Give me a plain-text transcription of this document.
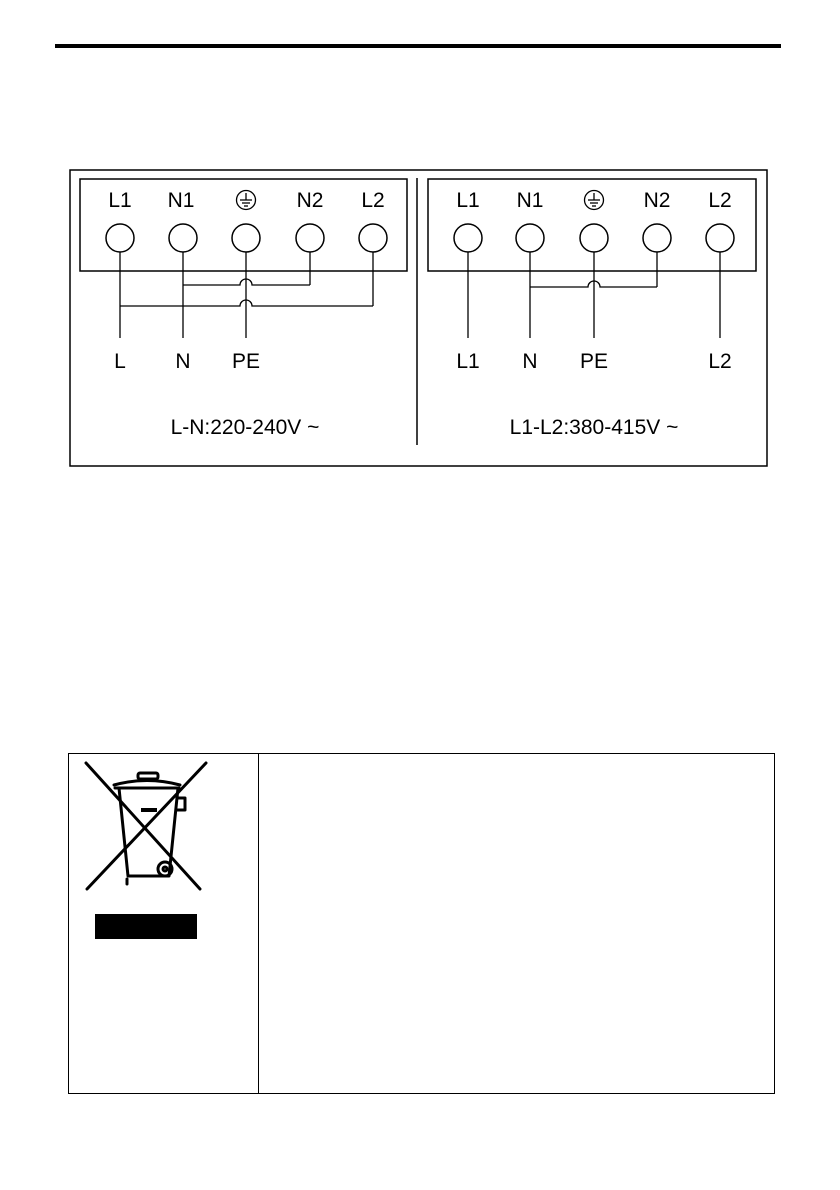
L1 N1	N2 L2
L N PE
L-N:220-240V ~
L1 N1	N2 L2
L1 N PE	L2
L1-L2:380-415V ~
